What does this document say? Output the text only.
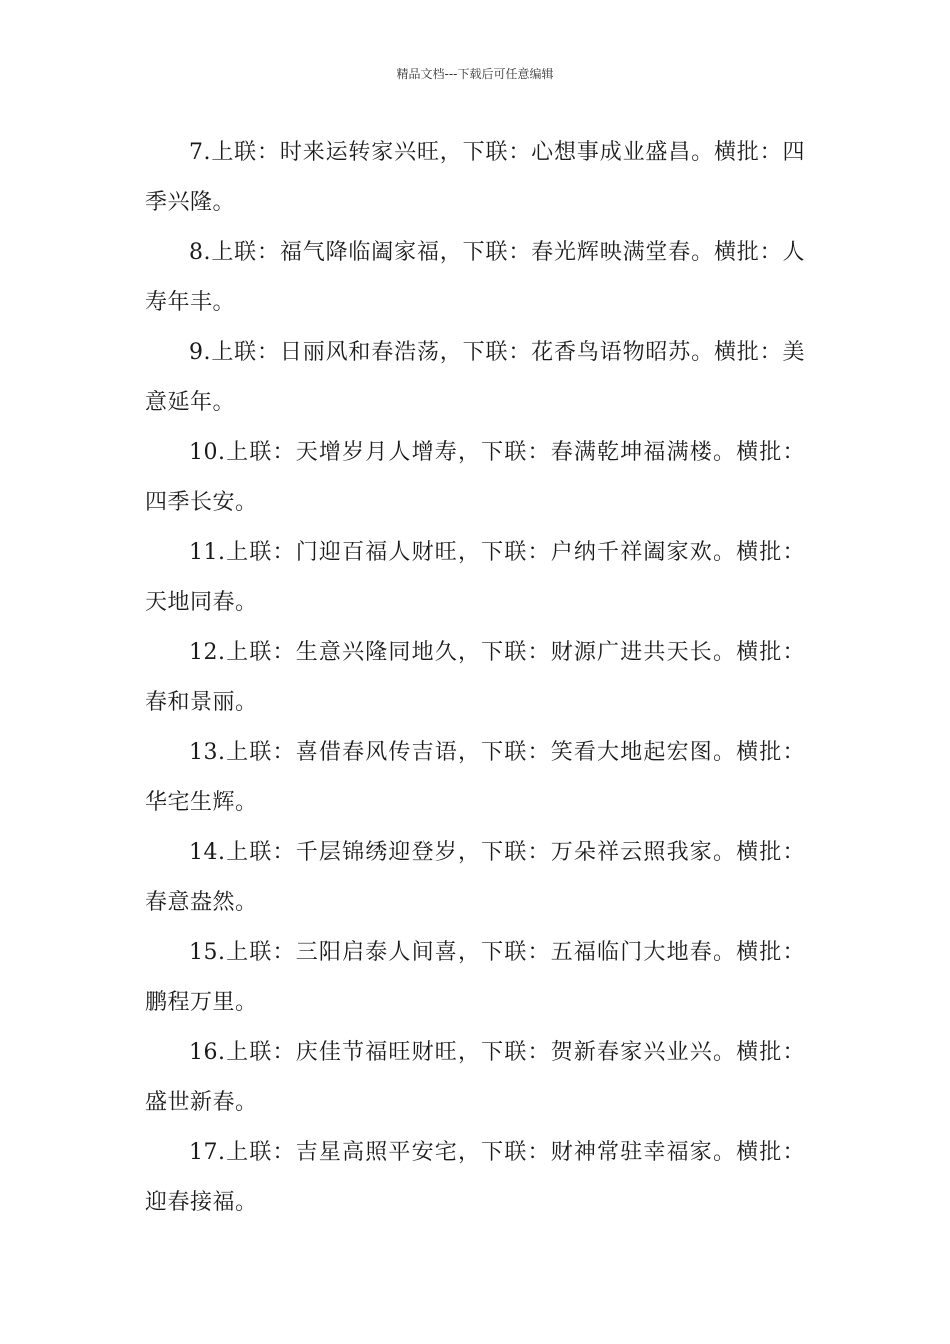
精品文档---下载后可任意编辑

7.上联：时来运转家兴旺，下联：心想事成业盛昌。横批：四季兴隆。

8.上联：福气降临阖家福，下联：春光辉映满堂春。横批：人寿年丰。

9.上联：日丽风和春浩荡，下联：花香鸟语物昭苏。横批：美意延年。

10.上联：天增岁月人增寿，下联：春满乾坤福满楼。横批：四季长安。

11.上联：门迎百福人财旺，下联：户纳千祥阖家欢。横批：天地同春。

12.上联：生意兴隆同地久，下联：财源广进共天长。横批：春和景丽。

13.上联：喜借春风传吉语，下联：笑看大地起宏图。横批：华宅生辉。

14.上联：千层锦绣迎登岁，下联：万朵祥云照我家。横批：春意盎然。

15.上联：三阳启泰人间喜，下联：五福临门大地春。横批：鹏程万里。

16.上联：庆佳节福旺财旺，下联：贺新春家兴业兴。横批：盛世新春。

17.上联：吉星高照平安宅，下联：财神常驻幸福家。横批：迎春接福。
